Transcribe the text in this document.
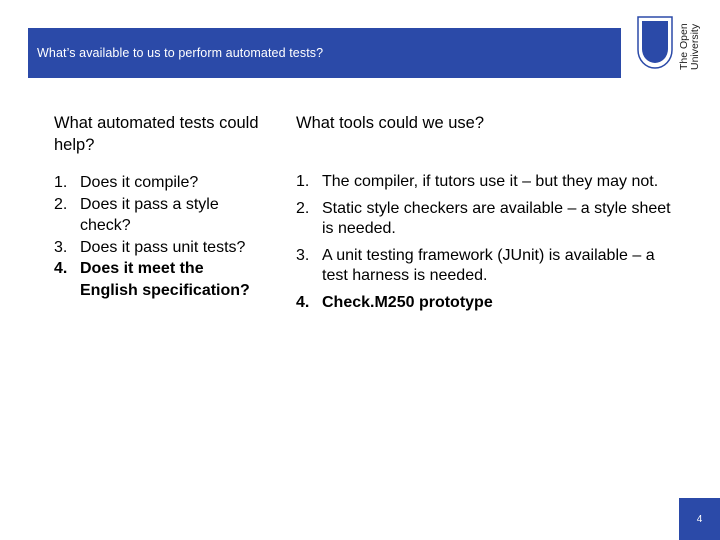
What’s available to us to perform automated tests?	The Open University
What automated tests could help?
1. Does it compile?
2. Does it pass a style check?
3. Does it pass unit tests?
4. Does it meet the English specification?
What tools could we use?
1. The compiler, if tutors use it – but they may not.
2. Static style checkers are available – a style sheet is needed.
3. A unit testing framework (JUnit) is available – a test harness is needed.
4. Check.M250 prototype
4
